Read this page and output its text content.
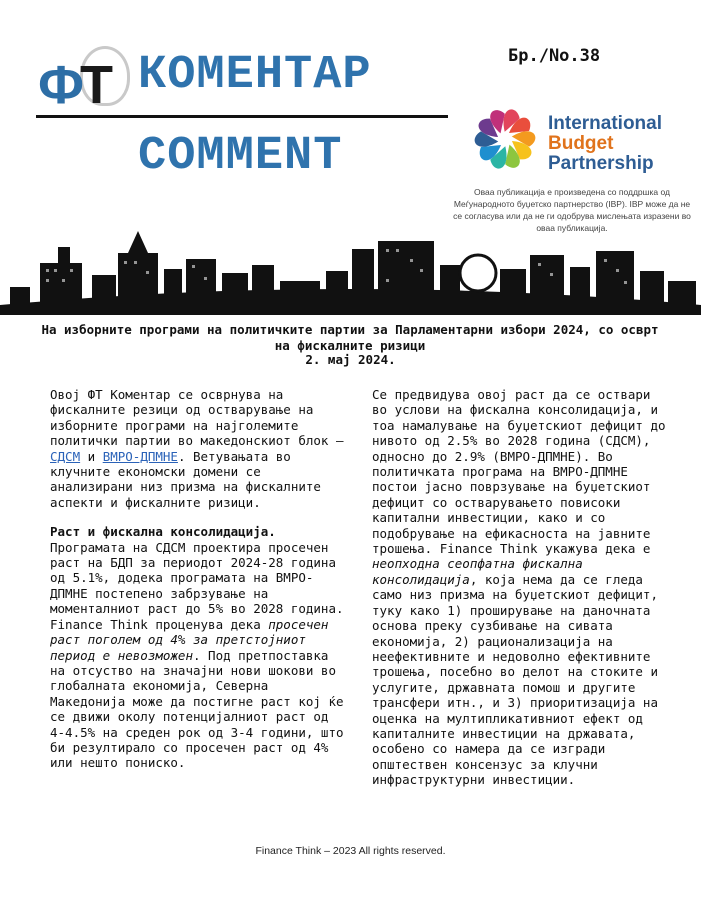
ФТ КОМЕНТАР
COMMENT
Бр./No.38
International
Budget
Partnership
Оваа публикација е произведена со поддршка од Меѓународното буџетско партнерство (IBP). IBP може да не се согласува или да не ги одобрува мислењата изразени во оваа публикација.
На изборните програми на политичките партии за Парламентарни избори 2024, со осврт на фискалните ризици
2. мај 2024.

Овој ФТ Коментар се осврнува на фискалните резици од остварување на изборните програми на најголемите политички партии во македонскиот блок – СДСМ и ВМРО-ДПМНЕ. Ветувањата во клучните економски домени се анализирани низ призма на фискалните аспекти и фискалните ризици.

Раст и фискална консолидација.

Програмата на СДСМ проектира просечен раст на БДП за периодот 2024-28 година од 5.1%, додека програмата на ВМРО-ДПМНЕ постепено забрзување на моменталниот раст до 5% во 2028 година. Finance Think проценува дека просечен раст поголем од 4% за претстојниот период е невозможен. Под претпоставка на отсуство на значајни нови шокови во глобалната економија, Северна Македонија може да постигне раст кој ќе се движи околу потенцијалниот раст од 4-4.5% на среден рок од 3-4 години, што би резултирало со просечен раст од 4% или нешто пониско.

Се предвидува овој раст да се оствари во услови на фискална консолидација, и тоа намалување на буџетскиот дефицит до нивото од 2.5% во 2028 година (СДСМ), односно до 2.9% (ВМРО-ДПМНЕ). Во политичката програма на ВМРО-ДПМНЕ постои јасно поврзување на буџетскиот дефицит со остварувањето повисоки капитални инвестиции, како и со подобрување на ефикасноста на јавните трошења. Finance Think укажува дека е неопходна сеопфатна фискална консолидација, која нема да се гледа само низ призма на буџетскиот дефицит, туку како 1) проширување на даночната основа преку сузбивање на сивата економија, 2) рационализација на неефективните и недоволно ефективните трошења, посебно во делот на стоките и услугите, државната помош и другите трансфери итн., и 3) приоритизација на оценка на мултипликативниот ефект од капиталните инвестиции на државата, особено со намера да се изгради општествен консензус за клучни инфраструктурни инвестиции.

Finance Think – 2023 All rights reserved.
